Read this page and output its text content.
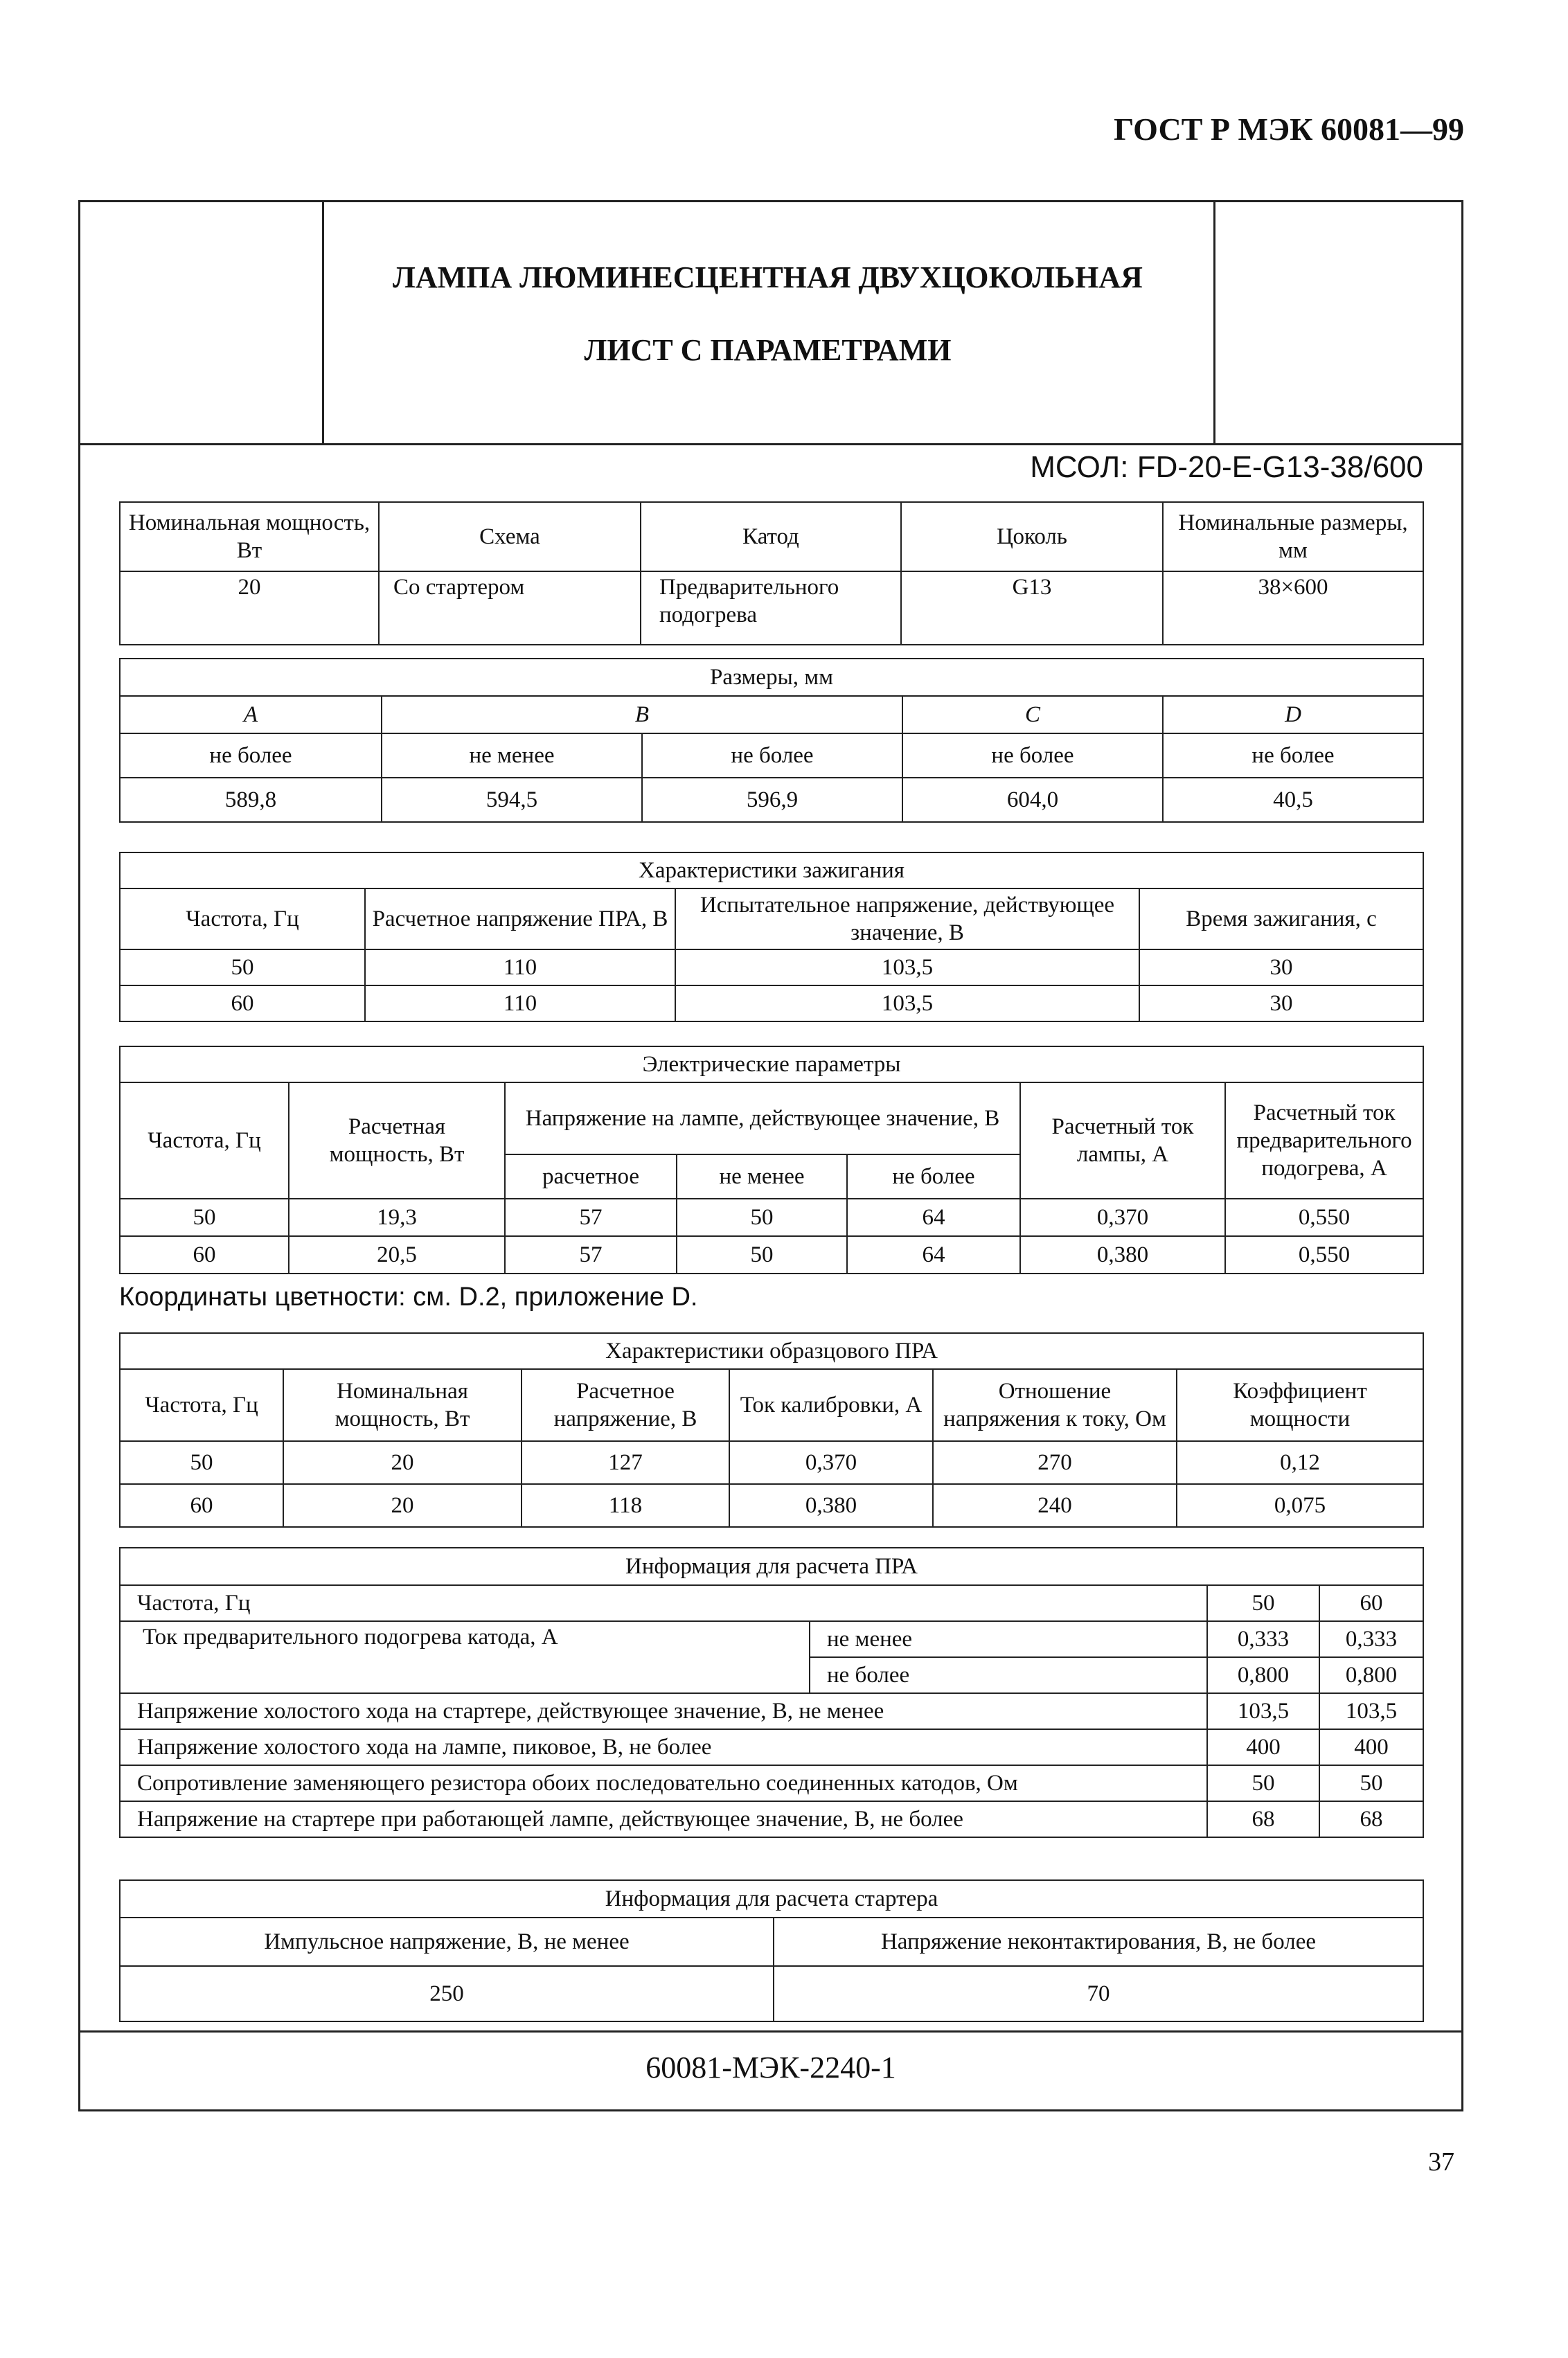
ГОСТ Р МЭК 60081—99
ЛАМПА ЛЮМИНЕСЦЕНТНАЯ ДВУХЦОКОЛЬНАЯ
ЛИСТ С ПАРАМЕТРАМИ
МСОЛ: FD-20-E-G13-38/600
Номинальная мощность, Вт	Схема	Катод	Цоколь	Номинальные размеры, мм
20	Со стартером	Предварительного подогрева	G13	38×600
Размеры, мм				
A	B		C	D
не более	не менее	не более	не более	не более
589,8	594,5	596,9	604,0	40,5
Характеристики зажигания			
Частота, Гц	Расчетное напряжение ПРА, В	Испытательное напряжение, действующее значение, В	Время зажигания, с
50	110	103,5	30
60	110	103,5	30
Электрические параметры						
Частота, Гц	Расчетная мощность, Вт	Напряжение на лампе, действующее значение, В			Расчетный ток лампы, А	Расчетный ток предварительного подогрева, А
		расчетное	не менее	не более		
50	19,3	57	50	64	0,370	0,550
60	20,5	57	50	64	0,380	0,550
Координаты цветности: см. D.2, приложение D.
Характеристики образцового ПРА					
Частота, Гц	Номинальная мощность, Вт	Расчетное напряжение, В	Ток калибровки, А	Отношение напряжения к току, Ом	Коэффициент мощности
50	20	127	0,370	270	0,12
60	20	118	0,380	240	0,075
Информация для расчета ПРА			
Частота, Гц		50	60
Ток предварительного подогрева катода, А	не менее	0,333	0,333
	не более	0,800	0,800
Напряжение холостого хода на стартере, действующее значение, В, не менее		103,5	103,5
Напряжение холостого хода на лампе, пиковое, В, не более		400	400
Сопротивление заменяющего резистора обоих последовательно соединенных катодов, Ом		50	50
Напряжение на стартере при работающей лампе, действующее значение, В, не более		68	68
Информация для расчета стартера	
Импульсное напряжение, В, не менее	Напряжение неконтактирования, В, не более
250	70
60081-МЭК-2240-1
37
